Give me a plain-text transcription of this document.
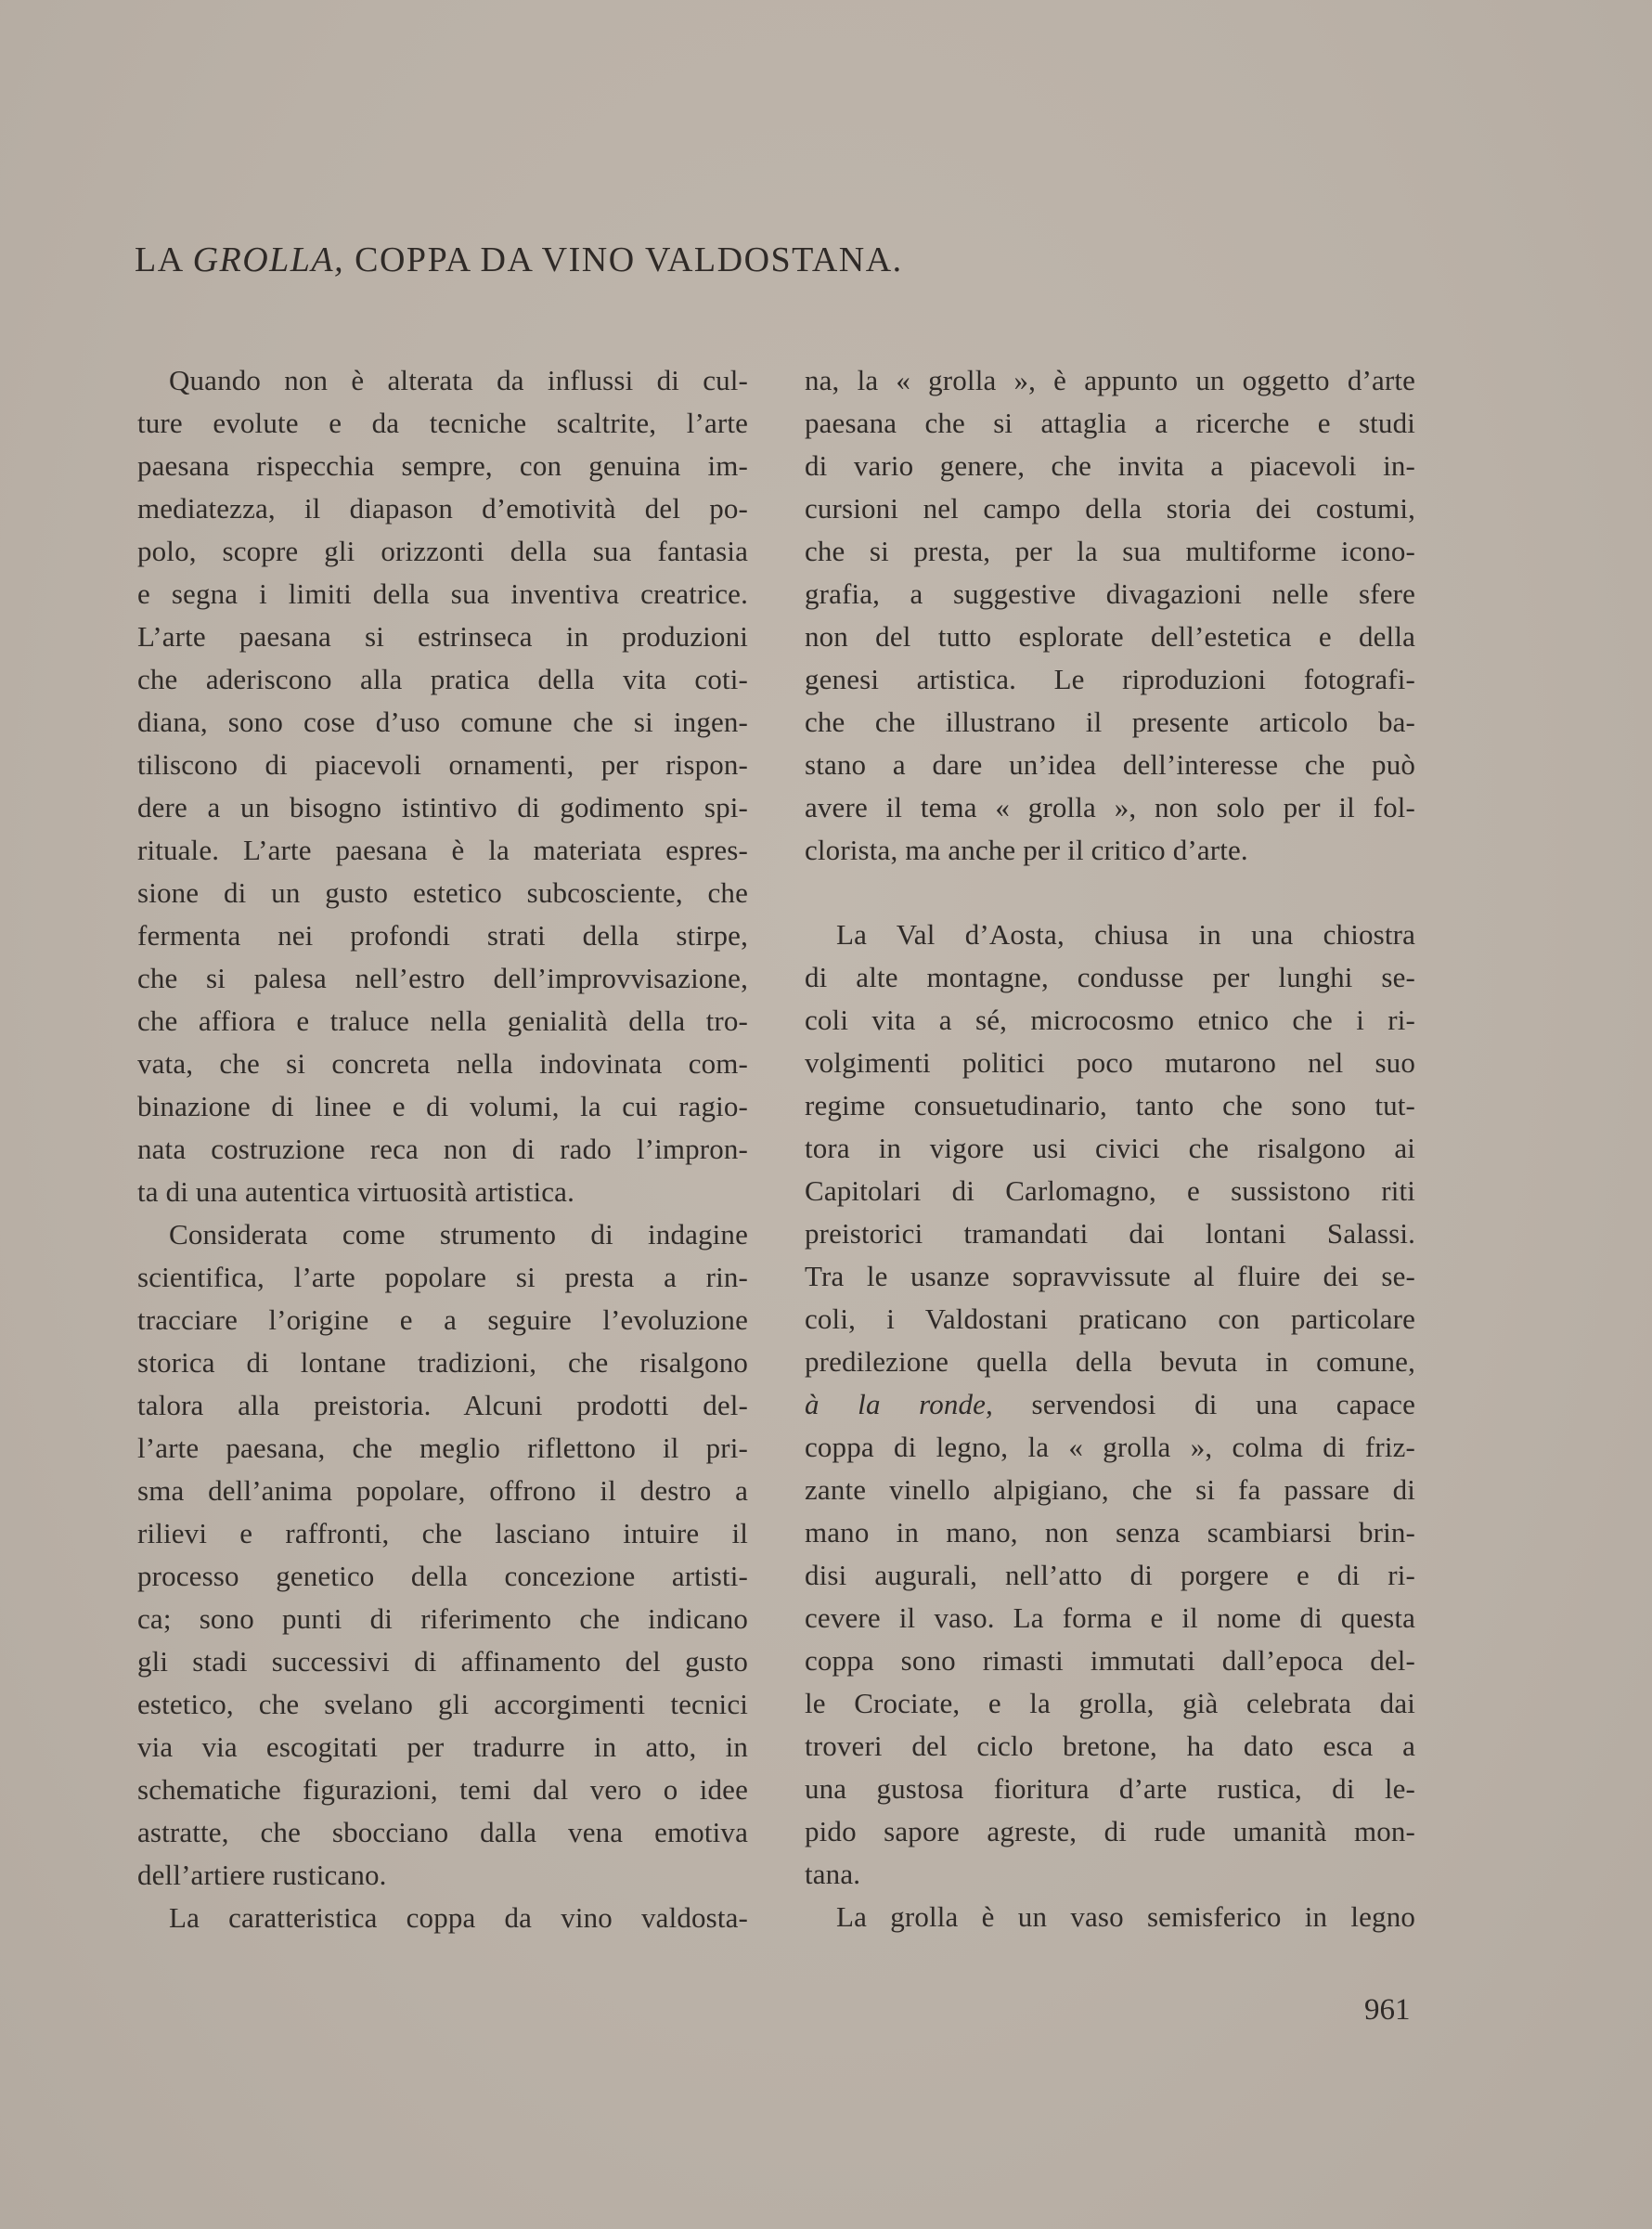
LA GROLLA, COPPA DA VINO VALDOSTANA.

Quando non è alterata da influssi di cul-

ture evolute e da tecniche scaltrite, l’arte

paesana rispecchia sempre, con genuina im-

mediatezza, il diapason d’emotività del po-

polo, scopre gli orizzonti della sua fantasia

e segna i limiti della sua inventiva creatrice.

L’arte paesana si estrinseca in produzioni

che aderiscono alla pratica della vita coti-

diana, sono cose d’uso comune che si ingen-

tiliscono di piacevoli ornamenti, per rispon-

dere a un bisogno istintivo di godimento spi-

rituale. L’arte paesana è la materiata espres-

sione di un gusto estetico subcosciente, che

fermenta nei profondi strati della stirpe,

che si palesa nell’estro dell’improvvisazione,

che affiora e traluce nella genialità della tro-

vata, che si concreta nella indovinata com-

binazione di linee e di volumi, la cui ragio-

nata costruzione reca non di rado l’impron-

ta di una autentica virtuosità artistica.

Considerata come strumento di indagine

scientifica, l’arte popolare si presta a rin-

tracciare l’origine e a seguire l’evoluzione

storica di lontane tradizioni, che risalgono

talora alla preistoria. Alcuni prodotti del-

l’arte paesana, che meglio riflettono il pri-

sma dell’anima popolare, offrono il destro a

rilievi e raffronti, che lasciano intuire il

processo genetico della concezione artisti-

ca; sono punti di riferimento che indicano

gli stadi successivi di affinamento del gusto

estetico, che svelano gli accorgimenti tecnici

via via escogitati per tradurre in atto, in

schematiche figurazioni, temi dal vero o idee

astratte, che sbocciano dalla vena emotiva

dell’artiere rusticano.

La caratteristica coppa da vino valdosta-

na, la « grolla », è appunto un oggetto d’arte

paesana che si attaglia a ricerche e studi

di vario genere, che invita a piacevoli in-

cursioni nel campo della storia dei costumi,

che si presta, per la sua multiforme icono-

grafia, a suggestive divagazioni nelle sfere

non del tutto esplorate dell’estetica e della

genesi artistica. Le riproduzioni fotografi-

che che illustrano il presente articolo ba-

stano a dare un’idea dell’interesse che può

avere il tema « grolla », non solo per il fol-

clorista, ma anche per il critico d’arte.

La Val d’Aosta, chiusa in una chiostra

di alte montagne, condusse per lunghi se-

coli vita a sé, microcosmo etnico che i ri-

volgimenti politici poco mutarono nel suo

regime consuetudinario, tanto che sono tut-

tora in vigore usi civici che risalgono ai

Capitolari di Carlomagno, e sussistono riti

preistorici tramandati dai lontani Salassi.

Tra le usanze sopravvissute al fluire dei se-

coli, i Valdostani praticano con particolare

predilezione quella della bevuta in comune,

à la ronde, servendosi di una capace

coppa di legno, la « grolla », colma di friz-

zante vinello alpigiano, che si fa passare di

mano in mano, non senza scambiarsi brin-

disi augurali, nell’atto di porgere e di ri-

cevere il vaso. La forma e il nome di questa

coppa sono rimasti immutati dall’epoca del-

le Crociate, e la grolla, già celebrata dai

troveri del ciclo bretone, ha dato esca a

una gustosa fioritura d’arte rustica, di le-

pido sapore agreste, di rude umanità mon-

tana.

La grolla è un vaso semisferico in legno

961
